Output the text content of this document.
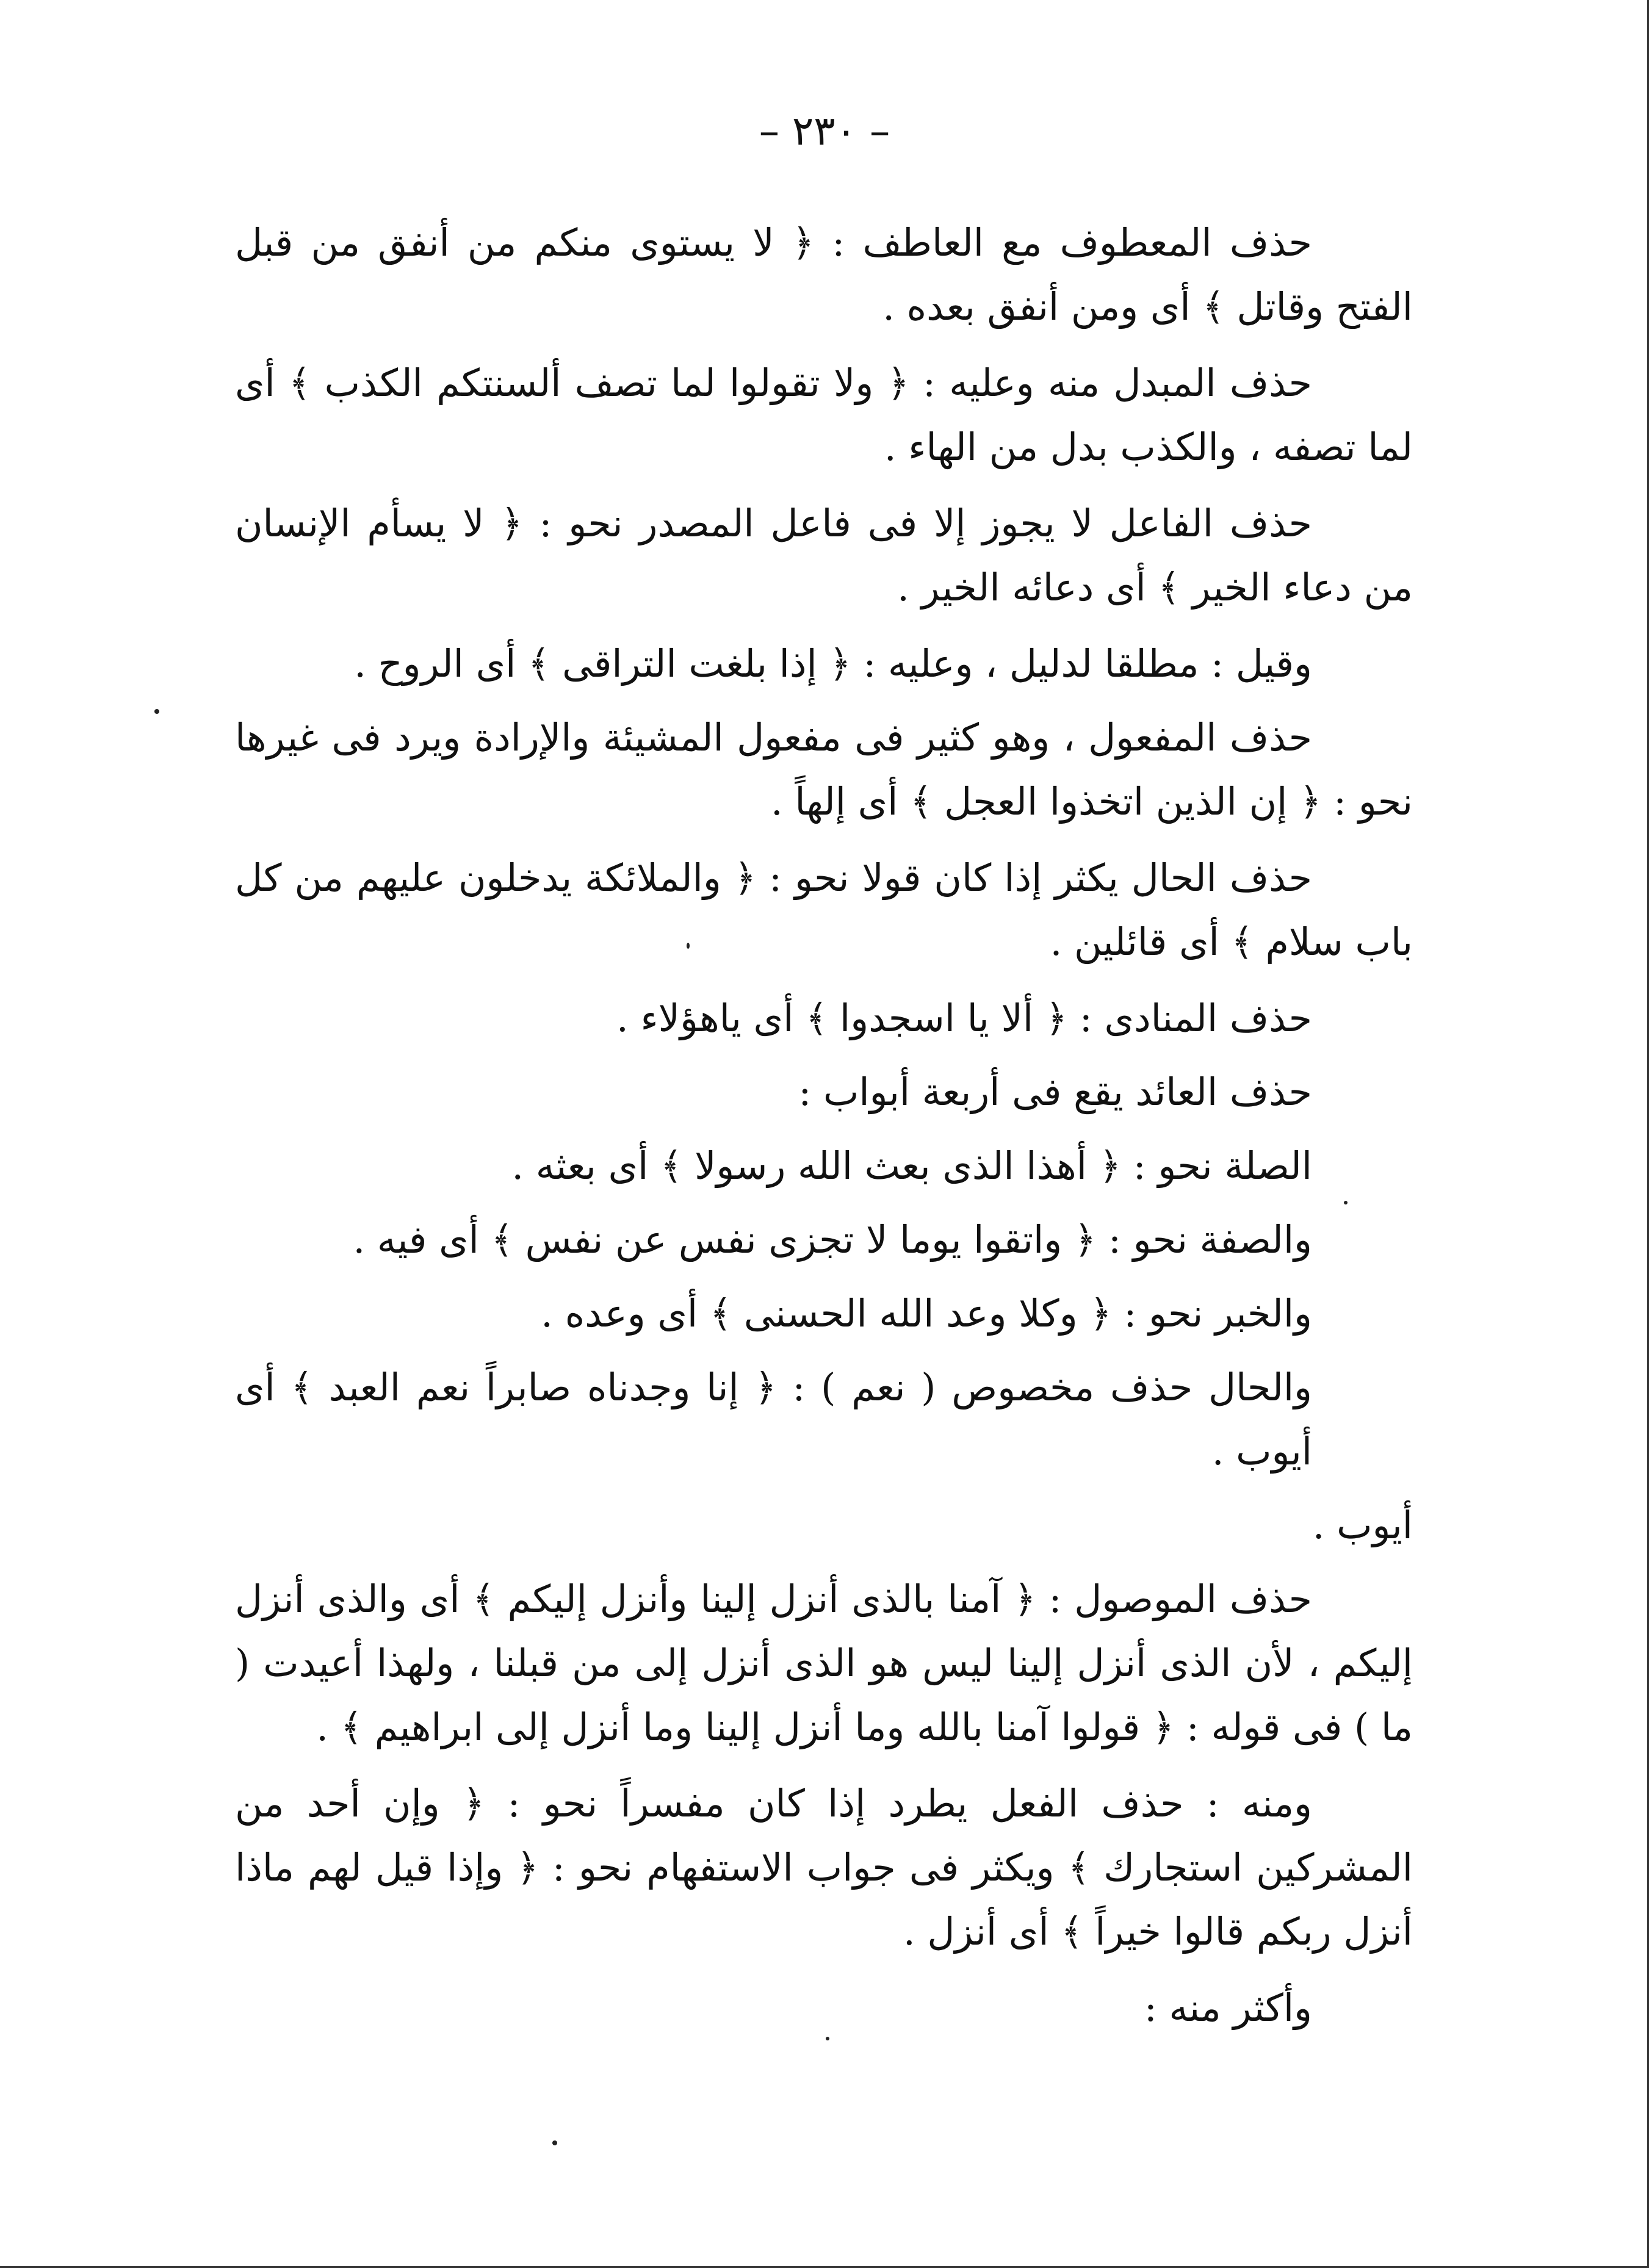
– ٢٣٠ –

حذف المعطوف مع العاطف : ﴿ لا يستوى منكم من أنفق من قبل الفتح وقاتل ﴾ أى ومن أنفق بعده .

حذف المبدل منه وعليه : ﴿ ولا تقولوا لما تصف ألسنتكم الكذب ﴾ أى لما تصفه ، والكذب بدل من الهاء .

حذف الفاعل لا يجوز إلا فى فاعل المصدر نحو : ﴿ لا يسأم الإنسان من دعاء الخير ﴾ أى دعائه الخير .

وقيل : مطلقا لدليل ، وعليه : ﴿ إذا بلغت التراقى ﴾ أى الروح .

حذف المفعول ، وهو كثير فى مفعول المشيئة والإرادة ويرد فى غيرها نحو : ﴿ إن الذين اتخذوا العجل ﴾ أى إلهاً .

حذف الحال يكثر إذا كان قولا نحو : ﴿ والملائكة يدخلون عليهم من كل باب سلام ﴾ أى قائلين .

حذف المنادى : ﴿ ألا يا اسجدوا ﴾ أى ياهؤلاء .

حذف العائد يقع فى أربعة أبواب :

الصلة نحو : ﴿ أهذا الذى بعث الله رسولا ﴾ أى بعثه .

والصفة نحو : ﴿ واتقوا يوما لا تجزى نفس عن نفس ﴾ أى فيه .

والخبر نحو : ﴿ وكلا وعد الله الحسنى ﴾ أى وعده .

والحال حذف مخصوص ( نعم ) : ﴿ إنا وجدناه صابراً نعم العبد ﴾ أى أيوب .

أيوب .

حذف الموصول : ﴿ آمنا بالذى أنزل إلينا وأنزل إليكم ﴾ أى والذى أنزل إليكم ، لأن الذى أنزل إلينا ليس هو الذى أنزل إلى من قبلنا ، ولهذا أعيدت ( ما ) فى قوله : ﴿ قولوا آمنا بالله وما أنزل إلينا وما أنزل إلى ابراهيم ﴾ .

ومنه : حذف الفعل يطرد إذا كان مفسراً نحو : ﴿ وإن أحد من المشركين استجارك ﴾ ويكثر فى جواب الاستفهام نحو : ﴿ وإذا قيل لهم ماذا أنزل ربكم قالوا خيراً ﴾ أى أنزل .

وأكثر منه :
